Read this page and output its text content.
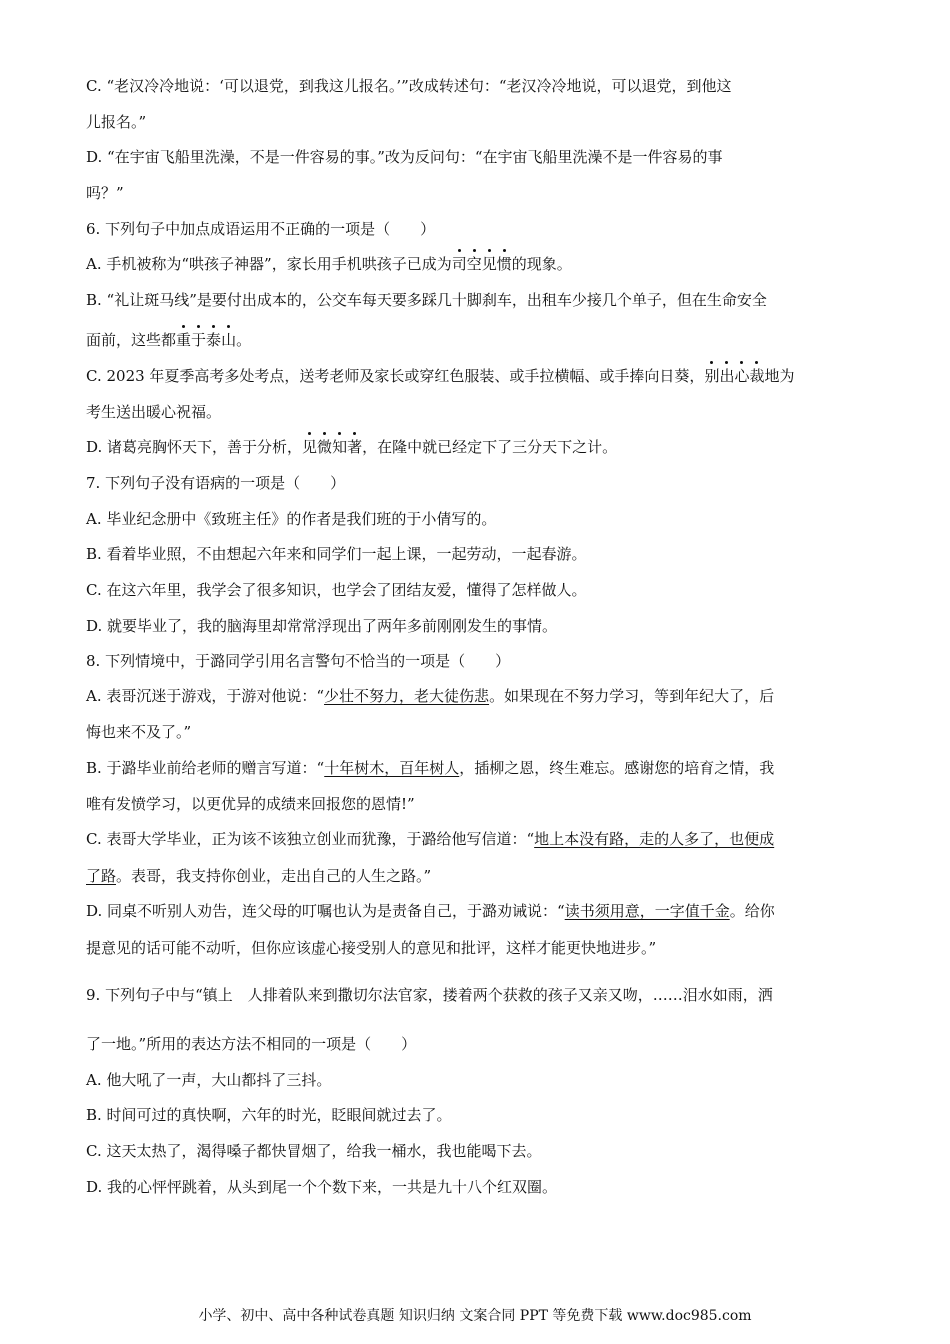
C. “老汉冷冷地说：‘可以退党，到我这儿报名。’”改成转述句：“老汉冷冷地说，可以退党，到他这
儿报名。”
D. “在宇宙飞船里洗澡，不是一件容易的事。”改为反问句：“在宇宙飞船里洗澡不是一件容易的事
吗？”
6. 下列句子中加点成语运用不正确的一项是（　　）
A. 手机被称为“哄孩子神器”，家长用手机哄孩子已成为司空见惯的现象。
B. “礼让斑马线”是要付出成本的，公交车每天要多踩几十脚刹车，出租车少接几个单子，但在生命安全
面前，这些都重于泰山。
C. 2023 年夏季高考多处考点，送考老师及家长或穿红色服装、或手拉横幅、或手捧向日葵，别出心裁地为
考生送出暖心祝福。
D. 诸葛亮胸怀天下，善于分析，见微知著，在隆中就已经定下了三分天下之计。
7. 下列句子没有语病的一项是（　　）
A. 毕业纪念册中《致班主任》的作者是我们班的于小倩写的。
B. 看着毕业照，不由想起六年来和同学们一起上课，一起劳动，一起春游。
C. 在这六年里，我学会了很多知识，也学会了团结友爱，懂得了怎样做人。
D. 就要毕业了，我的脑海里却常常浮现出了两年多前刚刚发生的事情。
8. 下列情境中，于潞同学引用名言警句不恰当的一项是（　　）
A. 表哥沉迷于游戏，于游对他说：“少壮不努力，老大徒伤悲。如果现在不努力学习，等到年纪大了，后
悔也来不及了。”
B. 于潞毕业前给老师的赠言写道：“十年树木，百年树人，插柳之恩，终生难忘。感谢您的培育之情，我
唯有发愤学习，以更优异的成绩来回报您的恩情!”
C. 表哥大学毕业，正为该不该独立创业而犹豫，于潞给他写信道：“地上本没有路，走的人多了，也便成
了路。表哥，我支持你创业，走出自己的人生之路。”
D. 同桌不听别人劝告，连父母的叮嘱也认为是责备自己，于潞劝诫说：“读书须用意，一字值千金。给你
提意见的话可能不动听，但你应该虚心接受别人的意见和批评，这样才能更快地进步。”
9. 下列句子中与“镇上　人排着队来到撒切尔法官家，搂着两个获救的孩子又亲又吻，……泪水如雨，洒
了一地。”所用的表达方法不相同的一项是（　　）
A. 他大吼了一声，大山都抖了三抖。
B. 时间可过的真快啊，六年的时光，眨眼间就过去了。
C. 这天太热了，渴得嗓子都快冒烟了，给我一桶水，我也能喝下去。
D. 我的心怦怦跳着，从头到尾一个个数下来，一共是九十八个红双圈。
小学、初中、高中各种试卷真题 知识归纳 文案合同 PPT 等免费下载 www.doc985.com
